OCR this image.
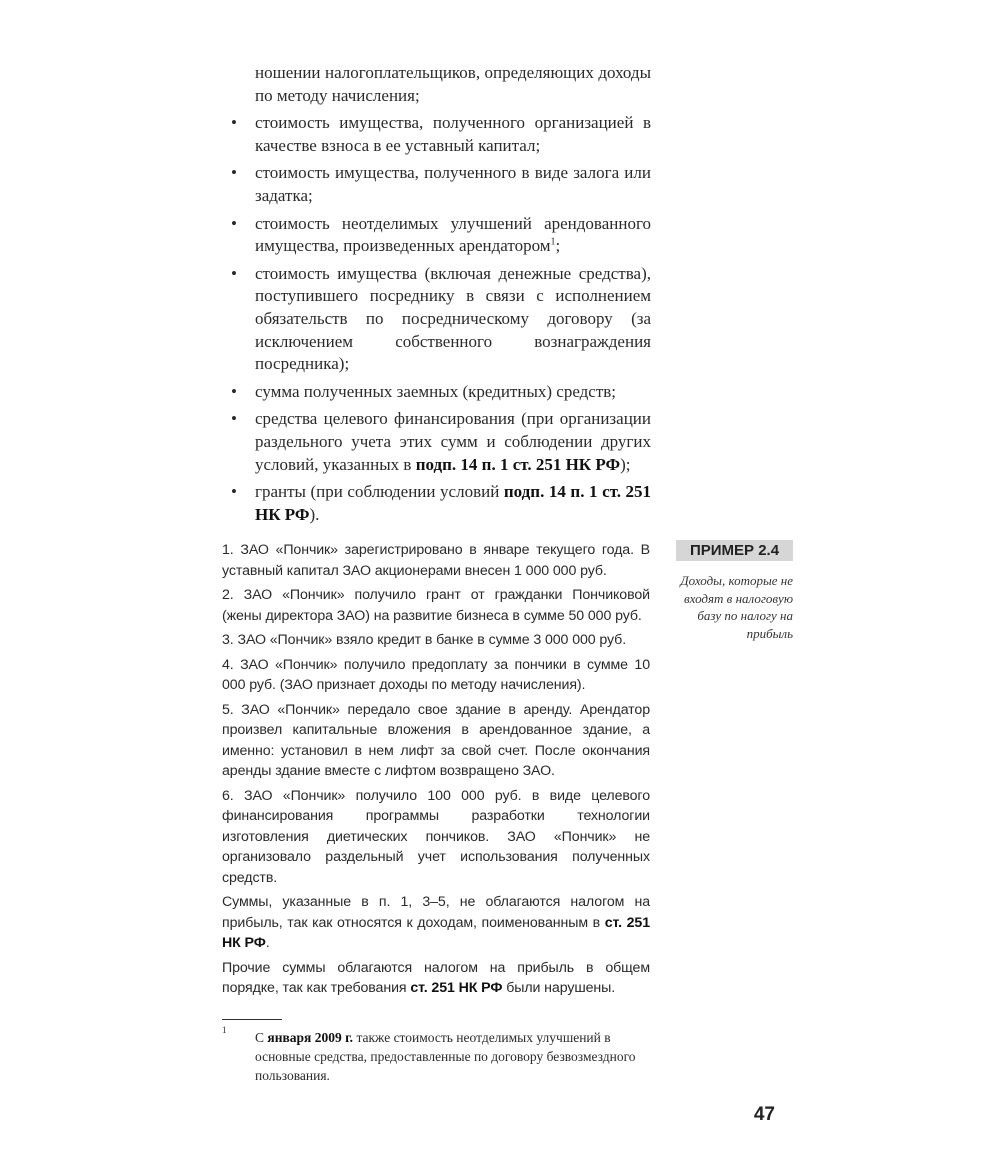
ношении налогоплательщиков, определяющих доходы по методу начисления;

• стоимость имущества, полученного организацией в качестве взноса в ее уставный капитал;
• стоимость имущества, полученного в виде залога или задатка;
• стоимость неотделимых улучшений арендованного имущества, произведенных арендатором$^1$;
• стоимость имущества (включая денежные средства), поступившего посреднику в связи с исполнением обязательств по посредническому договору (за исключением собственного вознаграждения посредника);
• сумма полученных заемных (кредитных) средств;
• средства целевого финансирования (при организации раздельного учета этих сумм и соблюдении других условий, указанных в подп. 14 п. 1 ст. 251 НК РФ);
• гранты (при соблюдении условий подп. 14 п. 1 ст. 251 НК РФ).

1. ЗАО «Пончик» зарегистрировано в январе текущего года. В уставный капитал ЗАО акционерами внесен 1 000 000 руб.

2. ЗАО «Пончик» получило грант от гражданки Пончиковой (жены директора ЗАО) на развитие бизнеса в сумме 50 000 руб.

3. ЗАО «Пончик» взяло кредит в банке в сумме 3 000 000 руб.

4. ЗАО «Пончик» получило предоплату за пончики в сумме 10 000 руб. (ЗАО признает доходы по методу начисления).

5. ЗАО «Пончик» передало свое здание в аренду. Арендатор произвел капитальные вложения в арендованное здание, а именно: установил в нем лифт за свой счет. После окончания аренды здание вместе с лифтом возвращено ЗАО.

6. ЗАО «Пончик» получило 100 000 руб. в виде целевого финансирования программы разработки технологии изготовления диетических пончиков. ЗАО «Пончик» не организовало раздельный учет использования полученных средств.

Суммы, указанные в п. 1, 3–5, не облагаются налогом на прибыль, так как относятся к доходам, поименованным в ст. 251 НК РФ.

Прочие суммы облагаются налогом на прибыль в общем порядке, так как требования ст. 251 НК РФ были нарушены.

ПРИМЕР 2.4
Доходы, которые не входят в налоговую базу по налогу на прибыль
1	С января 2009 г. также стоимость неотделимых улучшений в основные средства, предоставленные по договору безвозмездного пользования.
47
